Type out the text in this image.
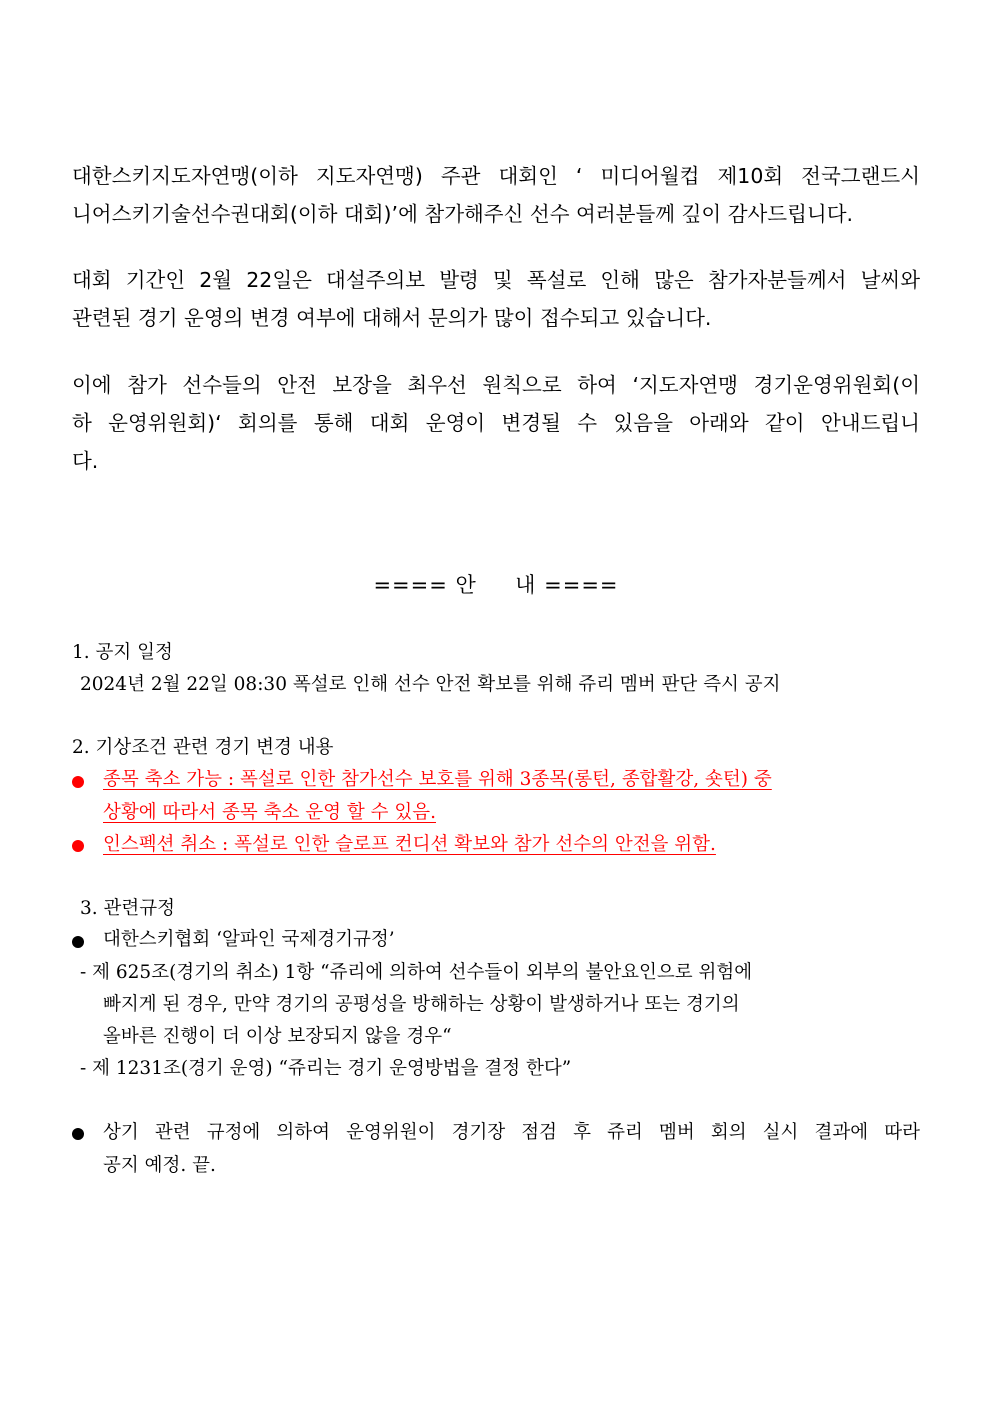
대한스키지도자연맹(이하 지도자연맹) 주관 대회인 ‘ 미디어월컵 제10회 전국그랜드시
니어스키기술선수권대회(이하 대회)’에 참가해주신 선수 여러분들께 깊이 감사드립니다.
대회 기간인 2월 22일은 대설주의보 발령 및 폭설로 인해 많은 참가자분들께서 날씨와
관련된 경기 운영의 변경 여부에 대해서 문의가 많이 접수되고 있습니다.
이에 참가 선수들의 안전 보장을 최우선 원칙으로 하여 ‘지도자연맹 경기운영위원회(이
하 운영위원회)‘ 회의를 통해 대회 운영이 변경될 수 있음을 아래와 같이 안내드립니
다.
==== 안     내 ====
1. 공지 일정
2024년 2월 22일 08:30 폭설로 인해 선수 안전 확보를 위해 쥬리 멤버 판단 즉시 공지
2. 기상조건 관련 경기 변경 내용
종목 축소 가능 : 폭설로 인한 참가선수 보호를 위해 3종목(롱턴, 종합활강, 숏턴) 중
상황에 따라서 종목 축소 운영 할 수 있음.
인스펙션 취소 : 폭설로 인한 슬로프 컨디션 확보와 참가 선수의 안전을 위함.
3. 관련규정
대한스키협회 ‘알파인 국제경기규정’
- 제 625조(경기의 취소) 1항 “쥬리에 의하여 선수들이 외부의 불안요인으로 위험에
빠지게 된 경우, 만약 경기의 공평성을 방해하는 상황이 발생하거나 또는 경기의
올바른 진행이 더 이상 보장되지 않을 경우“
- 제 1231조(경기 운영) “쥬리는 경기 운영방법을 결정 한다”
상기 관련 규정에 의하여 운영위원이 경기장 점검 후 쥬리 멤버 회의 실시 결과에 따라
공지 예정. 끝.
